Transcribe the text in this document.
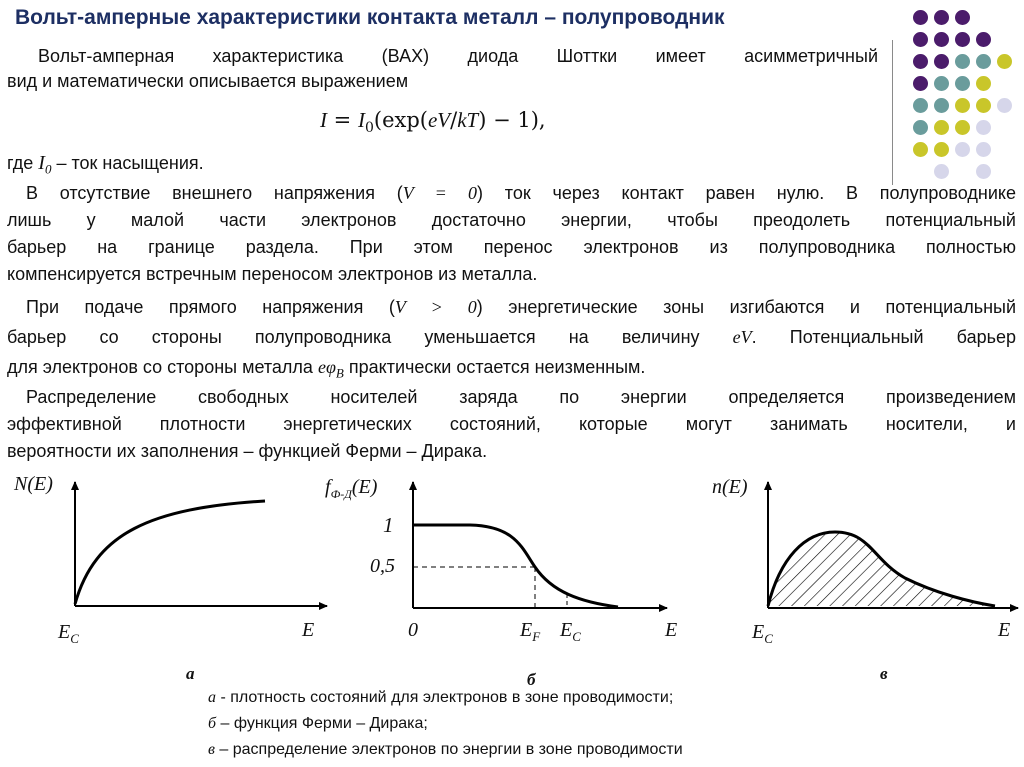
Вольт-амперные характеристики контакта металл – полупроводник
Вольт-амперная характеристика (ВАХ) диода Шоттки имеет асимметричный
вид и математически описывается выражением
$I = I_0(\exp(eV/kT) - 1)$,
где $I_0$ – ток насыщения.
В отсутствие внешнего напряжения (V = 0) ток через контакт равен нулю. В полупроводнике
лишь у малой части электронов достаточно энергии, чтобы преодолеть потенциальный
барьер на границе раздела. При этом перенос электронов из полупроводника полностью
компенсируется встречным переносом электронов из металла.
При подаче прямого напряжения (V > 0) энергетические зоны изгибаются и потенциальный
барьер со стороны полупроводника уменьшается на величину eV. Потенциальный барьер
для электронов со стороны металла $e\varphi_B$ практически остается неизменным.
Распределение свободных носителей заряда по энергии определяется произведением
эффективной плотности энергетических состояний, которые могут занимать носители, и
вероятности их заполнения – функцией Ферми – Дирака.
N(E)
$E_C$	E
а
$f_{Ф-Д}(E)$
1
0,5
0	$E_F$ $E_C$	E
б
n(E)
$E_C$	E
в
а - плотность состояний для электронов в зоне проводимости;
б – функция Ферми – Дирака;
в – распределение электронов по энергии в зоне проводимости
